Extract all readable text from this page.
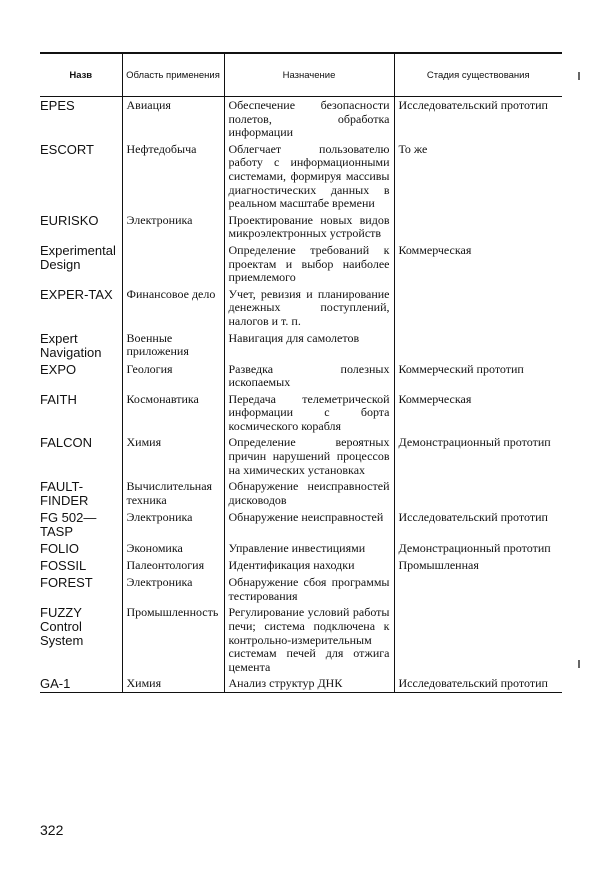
Назв	Область применения	Назначение	Стадия существования
EPES	Авиация	Обеспечение безопасности полетов, обработка информации	Исследовательский прототип
ESCORT	Нефтедобыча	Облегчает пользователю работу с информационными системами, формируя массивы диагностических данных в реальном масштабе времени	То же
EURISKO	Электроника	Проектирование новых видов микроэлектронных устройств	
Experimental Design		Определение требований к проектам и выбор наиболее приемлемого	Коммерческая
EXPER-TAX	Финансовое дело	Учет, ревизия и планирование денежных поступлений, налогов и т. п.	
Expert Navigation	Военные приложения	Навигация для самолетов	
EXPO	Геология	Разведка полезных ископаемых	Коммерческий прототип
FAITH	Космонавтика	Передача телеметрической информации с борта космического корабля	Коммерческая
FALCON	Химия	Определение вероятных причин нарушений процессов на химических установках	Демонстрационный прототип
FAULT-FINDER	Вычислительная техника	Обнаружение неисправностей дисководов	
FG 502—TASP	Электроника	Обнаружение неисправностей	Исследовательский прототип
FOLIO	Экономика	Управление инвестициями	Демонстрационный прототип
FOSSIL	Палеонтология	Идентификация находки	Промышленная
FOREST	Электроника	Обнаружение сбоя программы тестирования	
FUZZY Control System	Промышленность	Регулирование условий работы печи; система подключена к контрольно-измерительным системам печей для отжига цемента	
GA-1	Химия	Анализ структур ДНК	Исследовательский прототип
322
